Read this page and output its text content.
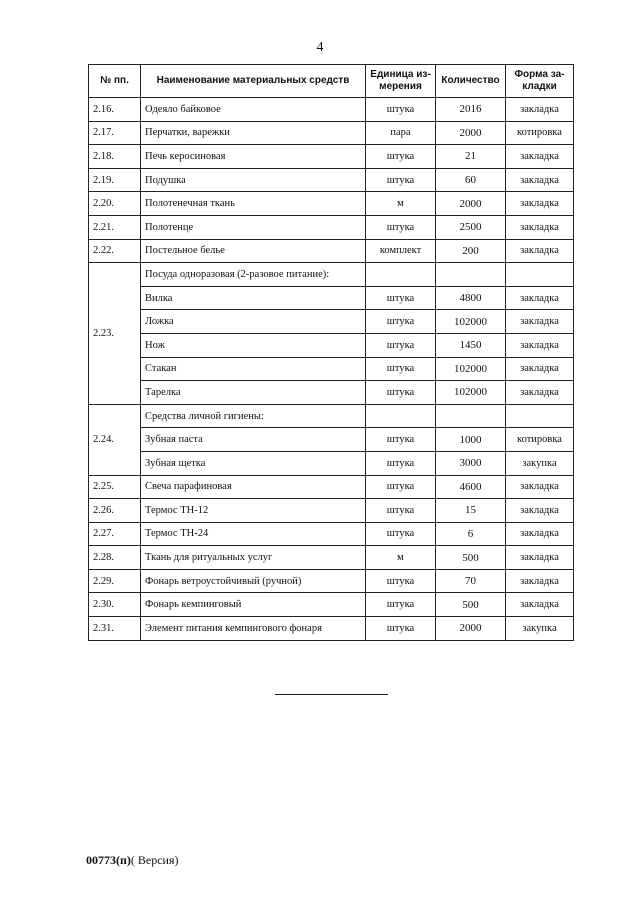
4
№ пп.	Наименование материальных средств	Единица из- мерения	Количество	Форма за- кладки
2.16.	Одеяло байковое	штука	2016	закладка
2.17.	Перчатки, варежки	пара	2000	котировка
2.18.	Печь керосиновая	штука	21	закладка
2.19.	Подушка	штука	60	закладка
2.20.	Полотенечная ткань	м	2000	закладка
2.21.	Полотенце	штука	2500	закладка
2.22.	Постельное белье	комплект	200	закладка
2.23.	Посуда одноразовая (2-разовое питание):			
	Вилка	штука	4800	закладка
	Ложка	штука	102000	закладка
	Нож	штука	1450	закладка
	Стакан	штука	102000	закладка
	Тарелка	штука	102000	закладка
2.24.	Средства личной гигиены:			
	Зубная паста	штука	1000	котировка
	Зубная щетка	штука	3000	закупка
2.25.	Свеча парафиновая	штука	4600	закладка
2.26.	Термос ТН-12	штука	15	закладка
2.27.	Термос ТН-24	штука	6	закладка
2.28.	Ткань для ритуальных услуг	м	500	закладка
2.29.	Фонарь ветроустойчивый (ручной)	штука	70	закладка
2.30.	Фонарь кемпинговый	штука	500	закладка
2.31.	Элемент питания кемпингового фонаря	штука	2000	закупка
00773(п)( Версия)
